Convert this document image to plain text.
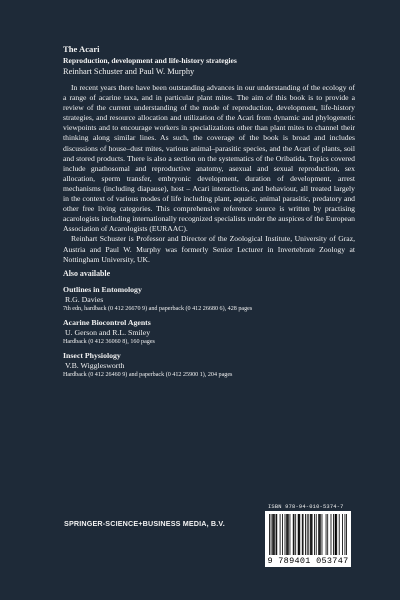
The Acari
Reproduction, development and life-history strategies
Reinhart Schuster and Paul W. Murphy

In recent years there have been outstanding advances in our understanding of the ecology of a range of acarine taxa, and in particular plant mites. The aim of this book is to provide a review of the current understanding of the mode of reproduction, development, life-history strategies, and resource allocation and utilization of the Acari from dynamic and phylogenetic viewpoints and to encourage workers in specializations other than plant mites to channel their thinking along similar lines. As such, the coverage of the book is broad and includes discussions of house–dust mites, various animal–parasitic species, and the Acari of plants, soil and stored products. There is also a section on the systematics of the Oribatida. Topics covered include gnathosomal and reproductive anatomy, asexual and sexual reproduction, sex allocation, sperm transfer, embryonic development, duration of development, arrest mechanisms (including diapause), host – Acari interactions, and behaviour, all treated largely in the context of various modes of life including plant, aquatic, animal parasitic, predatory and other free living categories. This comprehensive reference source is written by practising acarologists including internationally recognized specialists under the auspices of the European Association of Acarologists (EURAAC).

Reinhart Schuster is Professor and Director of the Zoological Institute, University of Graz, Austria and Paul W. Murphy was formerly Senior Lecturer in Invertebrate Zoology at Nottingham University, UK.

Also available
Outlines in Entomology
R.G. Davies
7th edn, hardback (0 412 26670 9) and paperback (0 412 26680 6), 428 pages
Acarine Biocontrol Agents
U. Gerson and R.L. Smiley
Hardback (0 412 36060 8), 160 pages
Insect Physiology
V.B. Wigglesworth
Hardback (0 412 26460 9) and paperback (0 412 25900 1), 204 pages
ISBN 978-94-010-5374-7
SPRINGER-SCIENCE+BUSINESS MEDIA, B.V.
9 789401 053747
